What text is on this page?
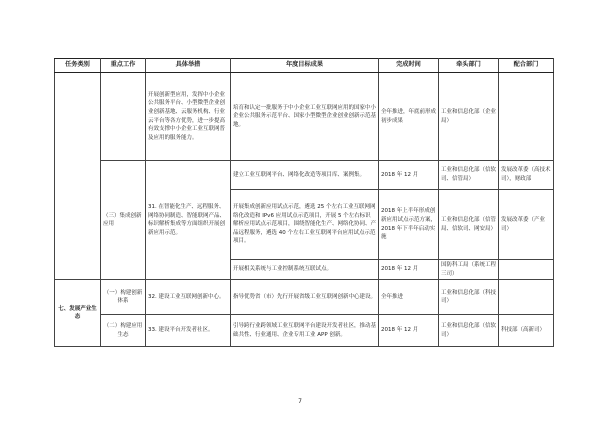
任务类别	重点工作	具体举措	年度目标成果	完成时间	牵头部门	配合部门
		开展创新型应用，发挥中小企业公共服务平台、小型微型企业创业创新基地、云服务机构、行业云平台等各方优势，进一步提高有效支撑中小企业工业互联网普及应用的服务能力。	培育和认定一批服务于中小企业工业互联网应用的国家中小企业公共服务示范平台、国家小型微型企业创业创新示范基地。	全年推进，年底前形成初步成果	工业和信息化部（企业局）	
	（三）集成创新应用	31. 在智能化生产、远程服务、网络协同制造、智能联网产品、标识解析集成等方面组织开展创新应用示范。	建立工业互联网平台、网络化改造等项目库、案例集。	2018 年 12 月	工业和信息化部（信软司、信管局）	发展改革委（高技术司），财政部
			开展集成创新应用试点示范，遴选 25 个左右工业互联网网络化改造和 IPv6 应用试点示范项目，开展 5 个左右标识解析应用试点示范项目，围绕智能化生产、网络化协同、产品远程服务，遴选 40 个左右工业互联网平台应用试点示范项目。	2018 年上半年形成创新应用试点示范方案，2018 年下半年启动实施	工业和信息化部（信管局、信软司、网安局）	发展改革委（产业司）
			开展相关系统与工业控制系统互联试点。	2018 年 12 月	国防科工局（系统工程三司）	
七、发展产业生态	（一）构建创新体系	32. 建设工业互联网创新中心。	指导优势省（市）先行开展省级工业互联网创新中心建设。	全年推进	工业和信息化部（科技司）	
	（二）构建应用生态	33. 建设平台开发者社区。	引导跨行业跨领域工业互联网平台建设开发者社区，推动基础共性、行业通用、企业专用工业 APP 创新。	2018 年 12 月	工业和信息化部（信软司）	科技部（高新司）
7
